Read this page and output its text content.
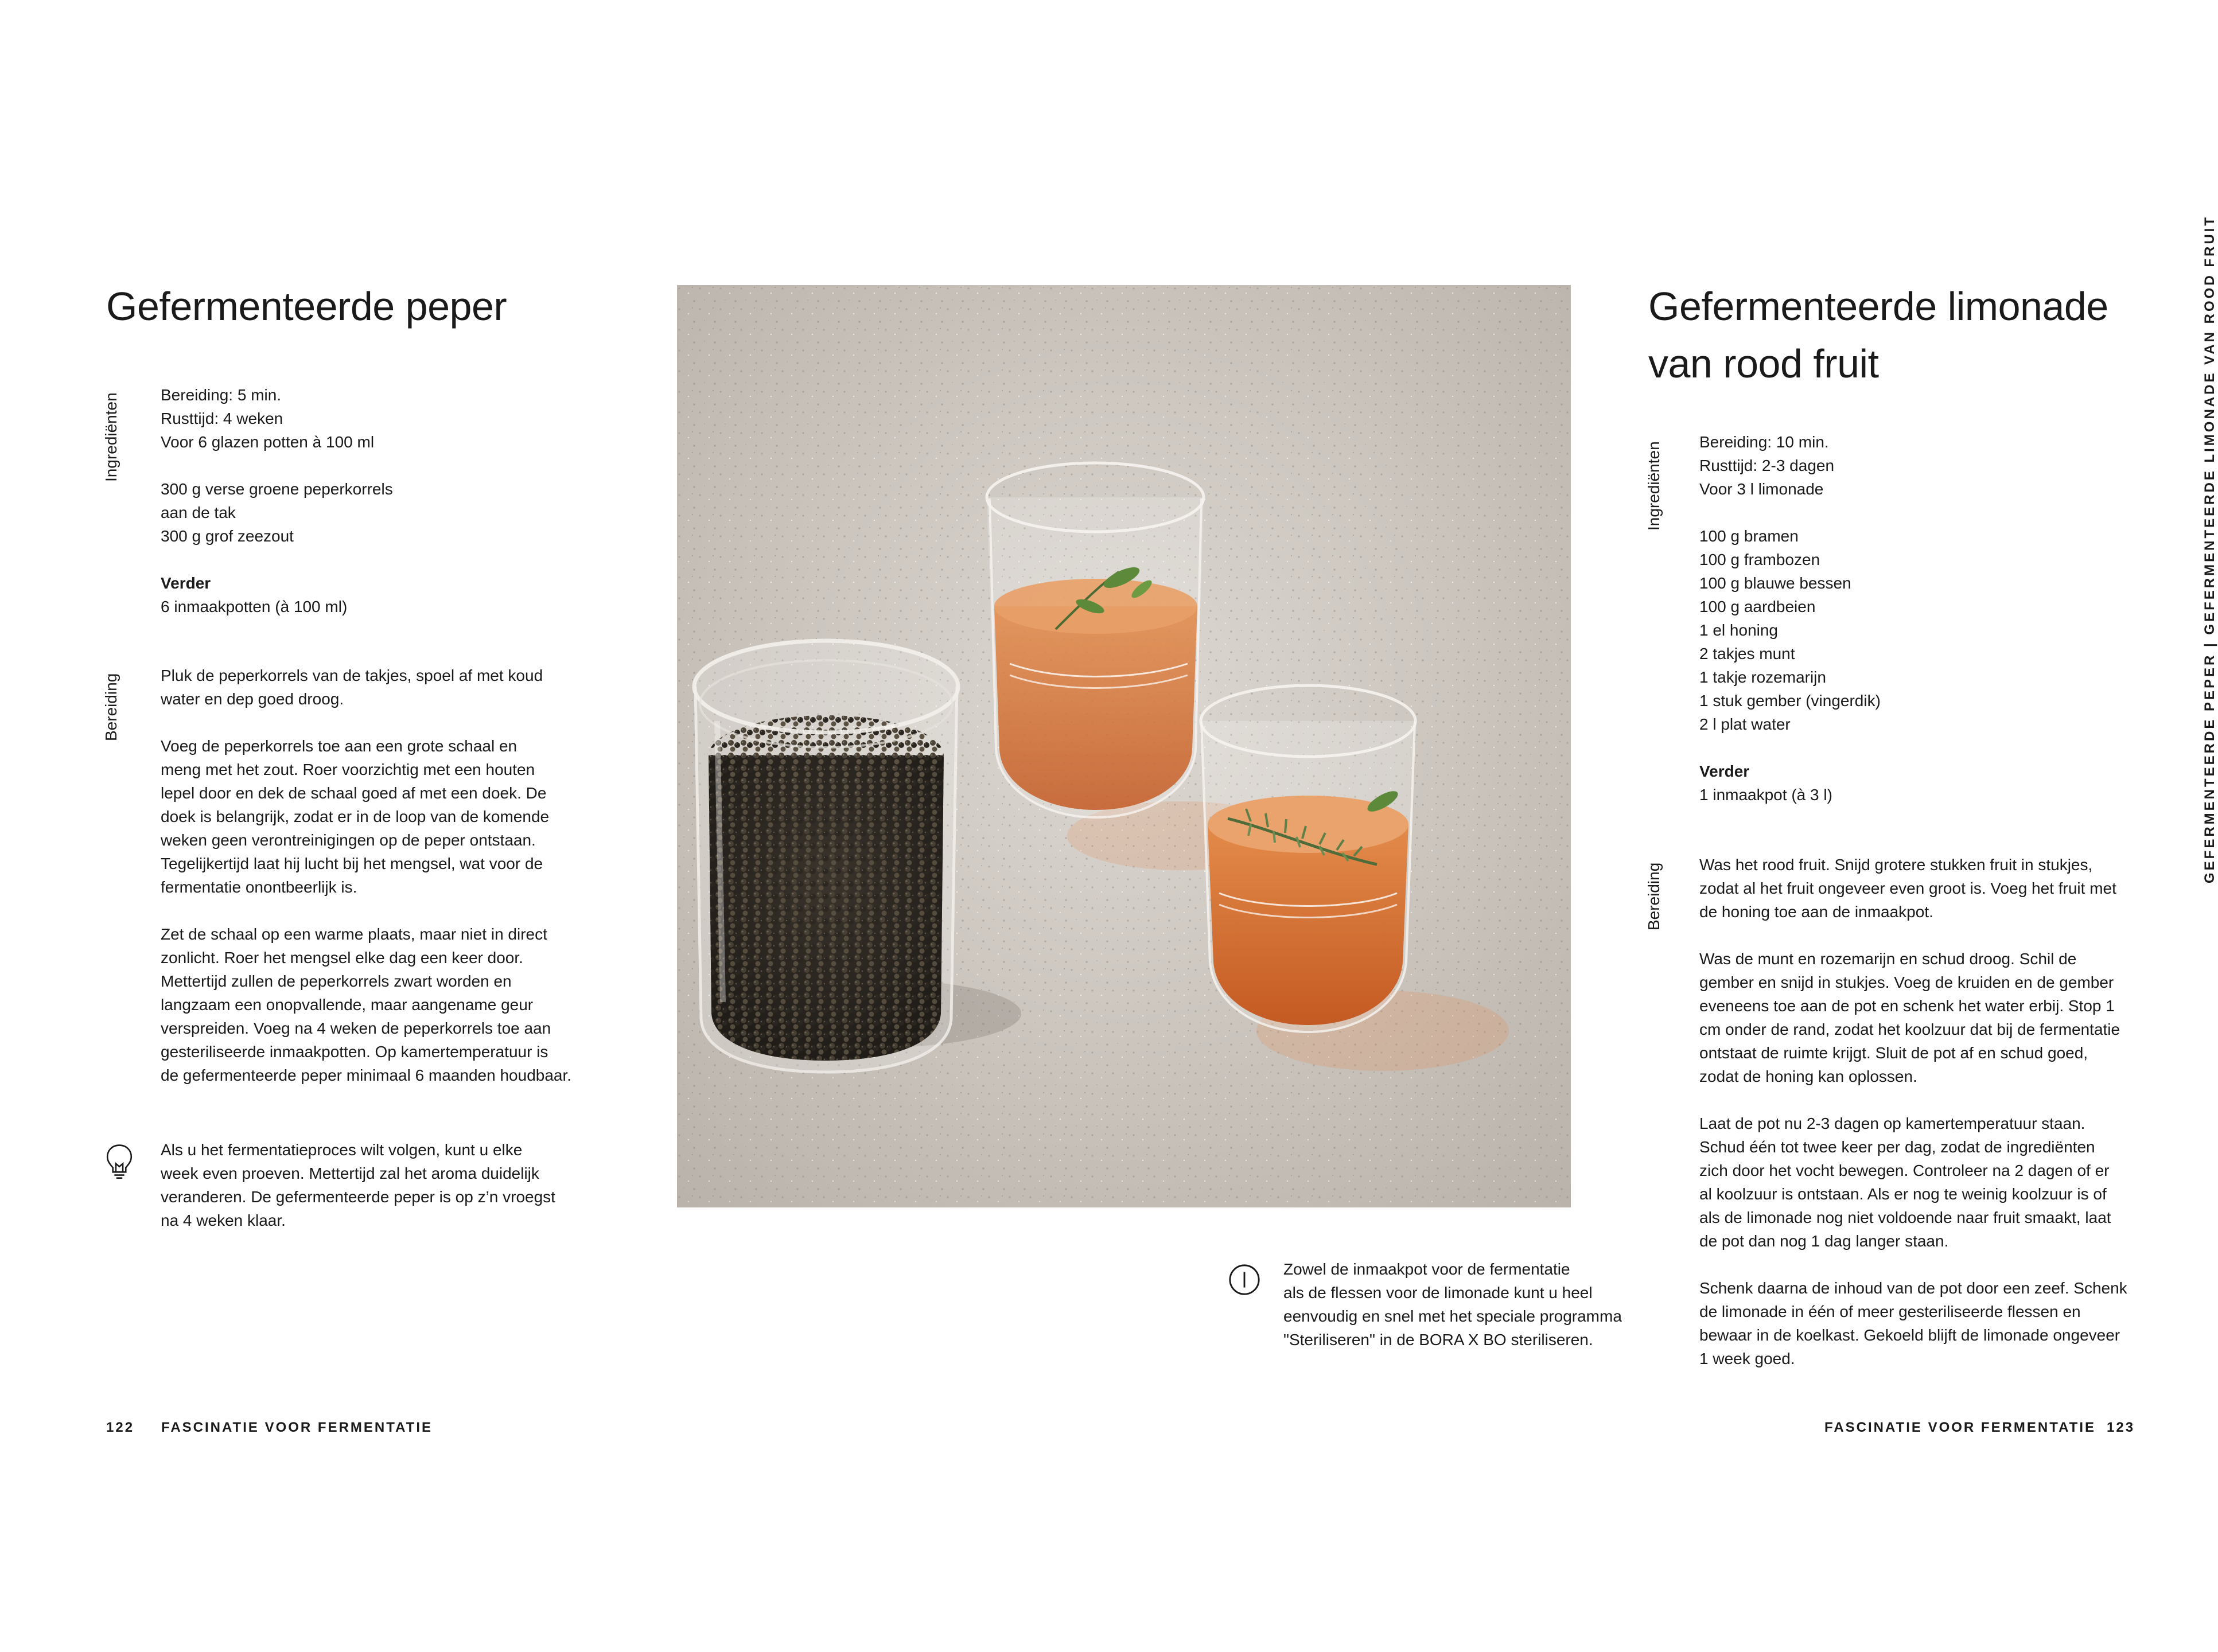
Gefermenteerde peper
Ingrediënten	Bereiding: 5 min.

Rusttijd: 4 weken

Voor 6 glazen potten à 100 ml

300 g verse groene peperkorrels

aan de tak

300 g grof zeezout

Verder

6 inmaakpotten (à 100 ml)

Bereiding	Pluk de peperkorrels van de takjes, spoel af met koud

water en dep goed droog.

Voeg de peperkorrels toe aan een grote schaal en

meng met het zout. Roer voorzichtig met een houten

lepel door en dek de schaal goed af met een doek. De

doek is belangrijk, zodat er in de loop van de komende

weken geen verontreinigingen op de peper ontstaan.

Tegelijkertijd laat hij lucht bij het mengsel, wat voor de

fermentatie onontbeerlijk is.

Zet de schaal op een warme plaats, maar niet in direct

zonlicht. Roer het mengsel elke dag een keer door.

Mettertijd zullen de peperkorrels zwart worden en

langzaam een onopvallende, maar aangename geur

verspreiden. Voeg na 4 weken de peperkorrels toe aan

gesteriliseerde inmaakpotten. Op kamertemperatuur is

de gefermenteerde peper minimaal 6 maanden houdbaar.

Als u het fermentatieproces wilt volgen, kunt u elke

week even proeven. Mettertijd zal het aroma duidelijk

veranderen. De gefermenteerde peper is op z’n vroegst

na 4 weken klaar.

Zowel de inmaakpot voor de fermentatie

als de flessen voor de limonade kunt u heel

eenvoudig en snel met het speciale programma

"Steriliseren" in de BORA X BO steriliseren.

Gefermenteerde limonade
van rood fruit
Ingrediënten Bereiding: 10 min.

Rusttijd: 2-3 dagen

Voor 3 l limonade

100 g bramen

100 g frambozen

100 g blauwe bessen

100 g aardbeien

1 el honing

2 takjes munt

1 takje rozemarijn

1 stuk gember (vingerdik)

2 l plat water

Verder

1 inmaakpot (à 3 l)

Bereiding Was het rood fruit. Snijd grotere stukken fruit in stukjes,

zodat al het fruit ongeveer even groot is. Voeg het fruit met

de honing toe aan de inmaakpot.

Was de munt en rozemarijn en schud droog. Schil de

gember en snijd in stukjes. Voeg de kruiden en de gember

eveneens toe aan de pot en schenk het water erbij. Stop 1

cm onder de rand, zodat het koolzuur dat bij de fermentatie

ontstaat de ruimte krijgt. Sluit de pot af en schud goed,

zodat de honing kan oplossen.

Laat de pot nu 2-3 dagen op kamertemperatuur staan.

Schud één tot twee keer per dag, zodat de ingrediënten

zich door het vocht bewegen. Controleer na 2 dagen of er

al koolzuur is ontstaan. Als er nog te weinig koolzuur is of

als de limonade nog niet voldoende naar fruit smaakt, laat

de pot dan nog 1 dag langer staan.

Schenk daarna de inhoud van de pot door een zeef. Schenk

de limonade in één of meer gesteriliseerde flessen en

bewaar in de koelkast. Gekoeld blijft de limonade ongeveer

1 week goed.

GEFERMENTEERDE PEPER | GEFERMENTEERDE LIMONADE VAN ROOD FRUIT
122 FASCINATIE VOOR FERMENTATIE	FASCINATIE VOOR FERMENTATIE 123
